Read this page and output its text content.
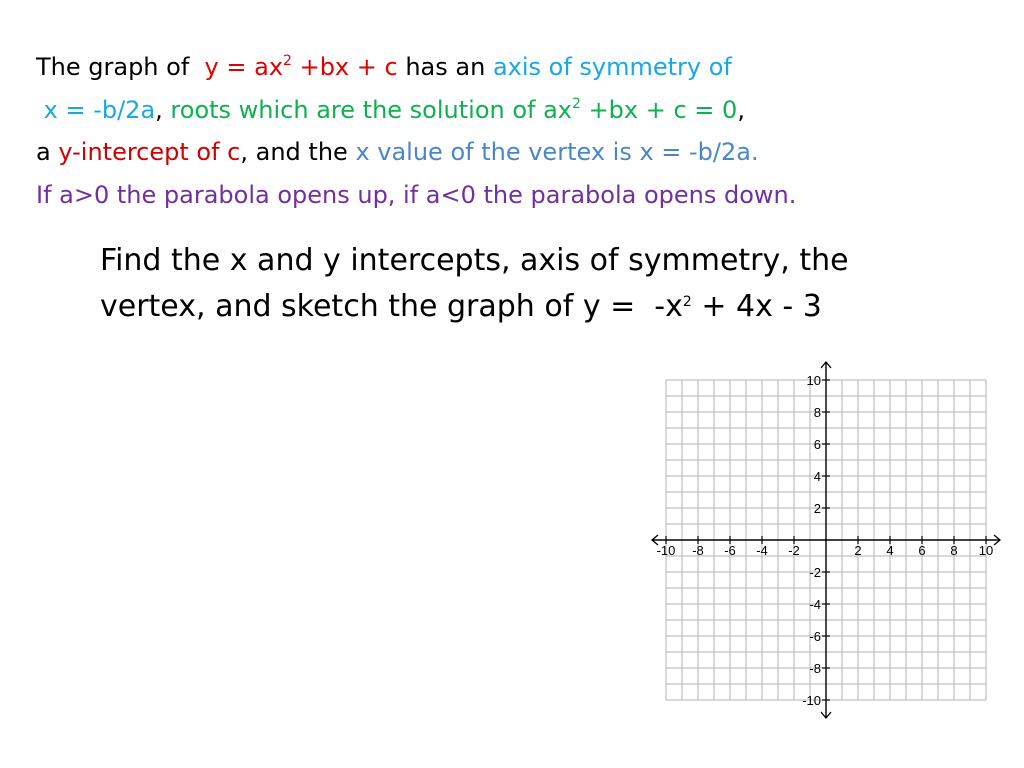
The graph of  $y = ax^2 +bx + c$ has an axis of symmetry of

x = -b/2a, roots which are the solution of $ax^2 +bx + c = 0$,

a y-intercept of c, and the x value of the vertex is x = -b/2a.

If a>0 the parabola opens up, if a<0 the parabola opens down.

Find the x and y intercepts, axis of symmetry, the

vertex, and sketch the graph of $y = -x^2 + 4x - 3$

-10 -8 -6 -4 -2	2 4 6 8 10
10
8
6
4
2
-2
-4
-6
-8
-10
